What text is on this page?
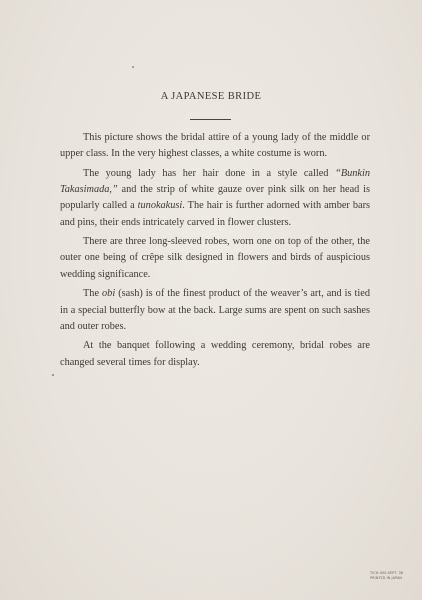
A JAPANESE BRIDE

This picture shows the bridal attire of a young lady of the middle or upper class. In the very highest classes, a white costume is worn.

The young lady has her hair done in a style called “Bunkin Takasimada,” and the strip of white gauze over pink silk on her head is popularly called a tunokakusi. The hair is further adorned with amber bars and pins, their ends intricately carved in flower clusters.

There are three long-sleeved robes, worn one on top of the other, the outer one being of crêpe silk designed in flowers and birds of auspicious wedding significance.

The obi (sash) is of the finest product of the weaver’s art, and is tied in a special butterfly bow at the back. Large sums are spent on such sashes and outer robes.

At the banquet following a wedding ceremony, bridal robes are changed several times for display.

TICH-000-SEPT. 36
PRINTED IN JAPAN
